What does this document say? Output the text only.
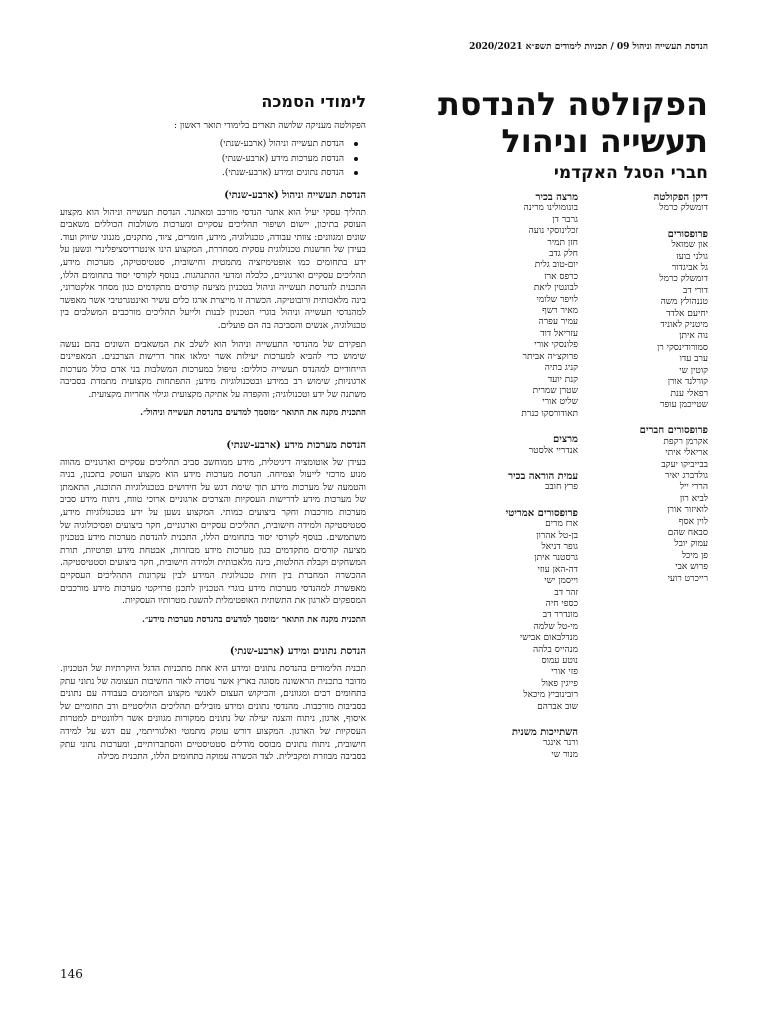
הנדסת תעשייה וניהול 09 / תכניות לימודים תשפ״א 2020/2021
הפקולטה להנדסת תעשייה וניהול
חברי הסגל האקדמי
דיקן הפקולטה
דומשלק כרמל
פרופסורים
און שמואל
גולני בועז
גל אביגדור
דומשלק כרמל
דורי דב
טננהולץ משה
יחיעם אלדד
מיטניק לאוניד
נוה איתן
סמורודינסקי רן
ערב עדו
קוטין שי
קורלנד אורן
רפאלי ענת
שטייכמן עופר
פרופסורים חברים
אקרמן רקפת
אריאלי איתי
בבייביקו יעקב
גולדברג יאיר
הררי ייל
לביא רון
לואיזור אורן
לוין אסף
סבאח שהם
עמוק יובל
פן מיכל
פרוש אבי
רייכרט רועי
מרצה בכיר
בונומולינו מרינה
גרבר דן
זכלינוסקי נועה
חזן תמיר
חלק גדב
יום-טוב גלית
כרפס ארז
לבונטין ליאת
לויפר שלומי
מאיר רשף
עמיר עפרה
עזריאל דוד
פלונסקי אורי
פרוקצ׳יה אביתר
קניג בתיה
קנת יועד
שטרן שמרית
שליט אורי
תאודורסקו כנרת
מרצים
אנדריי אלסטר
עמית הוראה בכיר
פרץ חובב
פרופסורים אמריטי
ארז מרים
בן-טל אהרון
גופר דניאל
גרסטנר איתן
דה-האן עוזי
וייסמן ישי
זהר דב
כספי חיה
מונדרר דב
מי-טל שלמה
מנדלבאום אבישי
מנהייס בלהה
נוטע עמוס
פזי אורי
פייגין פאול
רובינוביץ מיכאל
שוב אברהם
השתייכות משנית
ורנר אינגר
מנור שי
לימודי הסמכה

הפקולטה מעניקה שלושה תארים בלימודי תואר ראשון :

הנדסת תעשייה וניהול (ארבע-שנתי)
הנדסת מערכות מידע (ארבע-שנתי)
הנדסת נתונים ומידע (ארבע-שנתי).
הנדסת תעשייה וניהול (ארבע-שנתי)

תהליך עסקי יעיל הוא אתגר הנדסי מורכב ומאתגר. הנדסת תעשייה וניהול הוא מקצוע העוסק בתיכון, יישום ושיפור תהליכים עסקיים ומערכות משולבות הכוללים משאבים שונים ומגוונים: צוותי עבודה, טכנולוגיה, מידע, חומרים, ציוד, מתקנים, מגנוני שיווק ועוד. בעידן של חדשנות טכנולוגית עסקית מסחררת, המקצוע הינו אינטרדיסציפלינרי ונשען על ידע בתחומים כמו אופטימיזציה מתמטית וחישובית, סטטיסטיקה, מערכות מידע, תהליכים עסקיים וארגוניים, כלכלה ומדעי ההתנהגות. בנוסף לקורסי יסוד בתחומים הללו, התכנית להנדסת תעשייה וניהול בטכניון מציעה קורסים מתקדמים כגון מסחר אלקטרוני, בינה מלאכותית ורובוטיקה. הכשרה זו מייצרת ארגז כלים עשיר ואינטגרטיבי אשר מאפשר למהנדסי תעשייה וניהול בוגרי הטכניון לבנות ולייעל תהליכים מורכבים המשלבים בין טכנולוגיה, אנשים והסביבה בה הם פועלים.

תפקידם של מהנדסי התעשייה וניהול הוא לשלב את המשאבים השונים בהם נעשה שימוש כדי להביא למערכות יעילות אשר ימלאו אחר דרישות הצרכנים. המאפיינים הייחודיים למהנדס תעשייה כוללים: טיפול במערכות המשלבות בני אדם כולל מערכות ארגוניות; שימוש רב במידע ובטכנולוגיות מידע; התפתחות מקצועית מתמדת בסביבה משתנה של ידע וטכנולוגיה; והקפדה על אתיקה מקצועית וגילוי אחריות מקצועית.

התכנית מקנה את התואר ״מוסמך למדעים בהנדסת תעשייה וניהול״.

הנדסת מערכות מידע (ארבע-שנתי)

בעידן של אוטומציה דיגיטלית, מידע ממוחשב סביב תהליכים עסקיים וארגוניים מהווה מנוע מרכזי לייעול וצמיחה. הנדסת מערכות מידע הוא מקצוע העוסק בתכנון, בניה והטמעה של מערכות מידע תוך שימת דגש על חידושים בטכנולוגיות התוכנה, התאמתן של מערכות מידע לדרישות העסקיות והצרכים ארגוניים ארוכי טווח, ניתוח מידע סביב מערכות מורכבות וחקר ביצועים כמותי. המקצוע נשען על ידע בטכנולוגיות מידע, סטטיסטיקה ולמידה חישובית, תהליכים עסקיים וארגוניים, חקר ביצועים ופסיכולוגיה של משתמשים. בנוסף לקורסי יסוד בתחומים הללו, התכנית להנדסת מערכות מידע בטכניון מציעה קורסים מתקדמים כגון מערכות מידע מבוזרות, אבטחת מידע ופרטיות, תורת המשחקים וקבלת החלטות, בינה מלאכותית ולמידה חישובית, חקר ביצועים וסטטיסטיקה. ההכשרה המחברת בין חזית טכנולוגית המידע לבין עקרונות התהליכים העסקיים מאפשרת למהנדסי מערכות מידע בוגרי הטכניון לתכנן פרויקטי מערכות מידע מורכבים המספקים לארגון את התשתית האופטימלית להשגת מטרותיו העסקיות.

התכנית מקנה את התואר ״מוסמך למדעים בהנדסת מערכות מידע״.

הנדסת נתונים ומידע (ארבע-שנתי)

תכנית הלימודים בהנדסת נתונים ומידע היא אחת מתכניות הדגל היוקרתיות של הטכניון. מדובר בתכנית הראשונה מסוגה בארץ אשר נוסדה לאור החשיבות העצומה של נתוני עתק בתחומים רבים ומגוונים, והביקוש העצום לאנשי מקצוע המיומנים בעבודה עם נתונים בסביבות מורכבות. מהנדסי נתונים ומידע מובילים תהליכים הוליסטיים ורב תחומיים של איסוף, ארגון, ניתוח והצגה יעילה של נתונים ממקורות מגוונים אשר רלוונטיים למטרות העסקיות של הארגון. המקצוע דורש עומק מתמטי ואלגוריתמי, עם דגש על למידה חישובית, ניתוח נתונים מבוסס מודלים סטטיסטיים והסתברותיים, ומערכות נתוני עתק בסביבה מבוזרת ומקבילית. לצד הכשרה עמוקה בתחומים הללו, התכנית מכילה

146
